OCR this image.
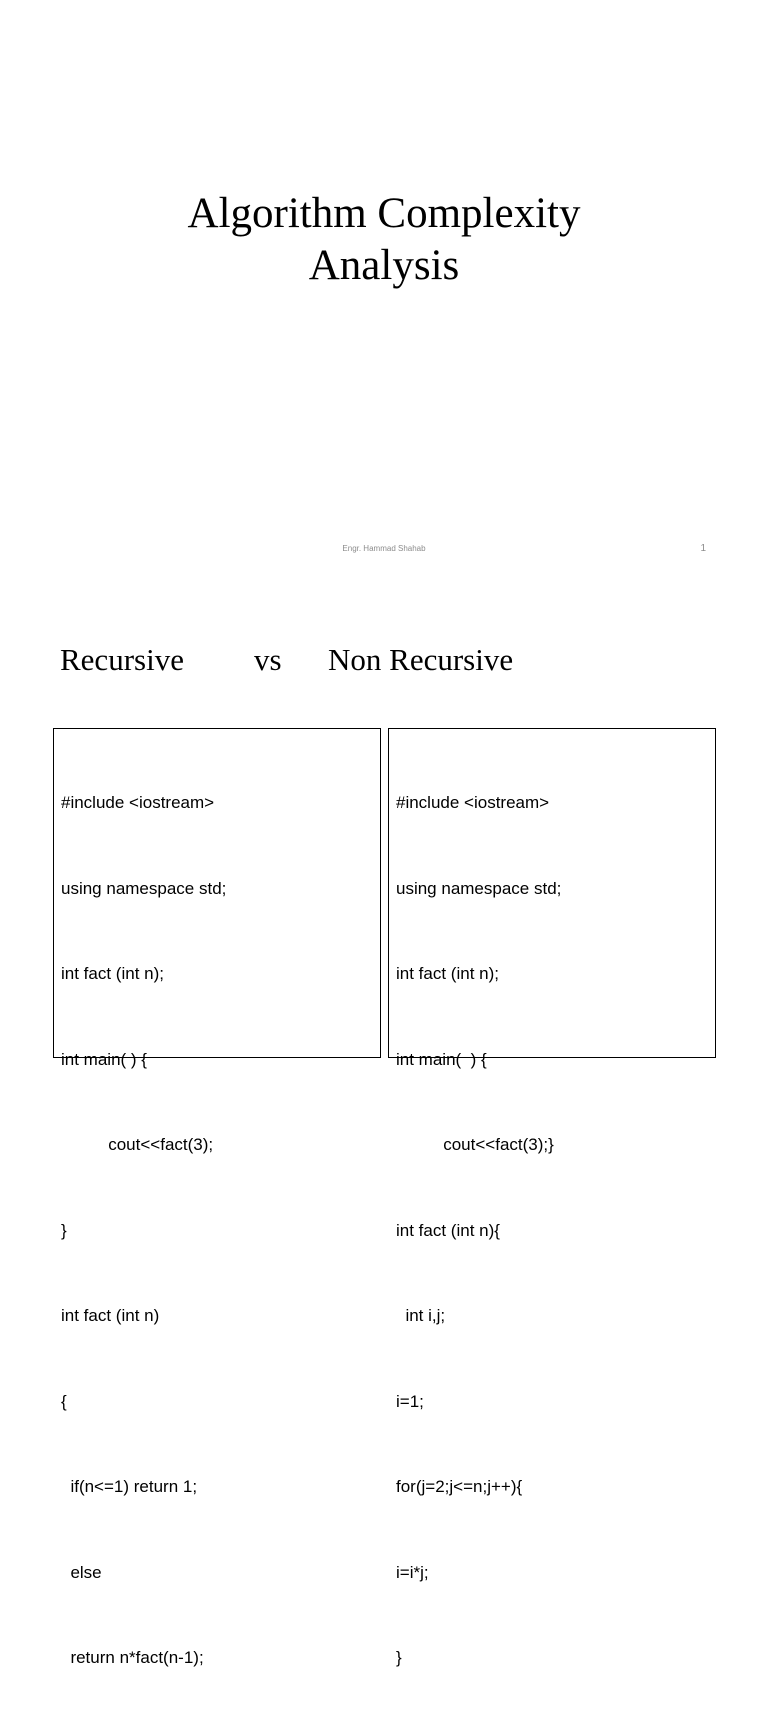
Algorithm Complexity
Analysis
Engr. Hammad Shahab	1
Recursive vs Non Recursive

#include <iostream>

using namespace std;

int fact (int n);

int main( ) {

cout<<fact(3);

}

int fact (int n)

{

if(n<=1) return 1;

else

return n*fact(n-1);

#include <iostream>

using namespace std;

int fact (int n);

int main(  ) {

cout<<fact(3);}

int fact (int n){

int i,j;

i=1;

for(j=2;j<=n;j++){

i=i*j;

}
